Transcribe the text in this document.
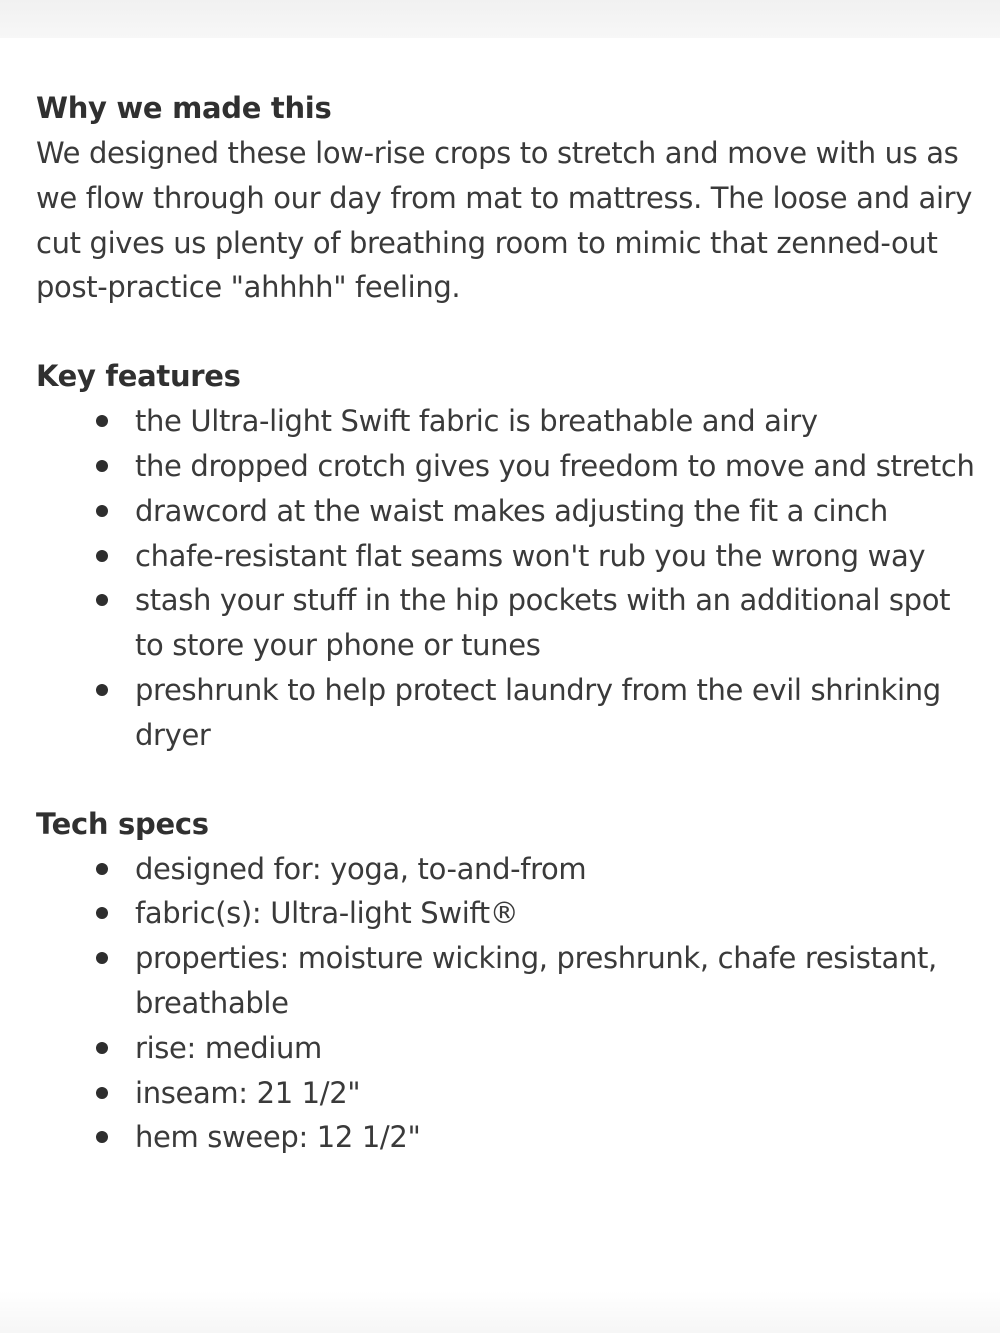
Why we made this

We designed these low-rise crops to stretch and move with us as we flow through our day from mat to mattress. The loose and airy cut gives us plenty of breathing room to mimic that zenned-out post-practice "ahhhh" feeling.

Key features
the Ultra-light Swift fabric is breathable and airy
the dropped crotch gives you freedom to move and stretch
drawcord at the waist makes adjusting the fit a cinch
chafe-resistant flat seams won't rub you the wrong way
stash your stuff in the hip pockets with an additional spot to store your phone or tunes
preshrunk to help protect laundry from the evil shrinking dryer
Tech specs
designed for: yoga, to-and-from
fabric(s): Ultra-light Swift®
properties: moisture wicking, preshrunk, chafe resistant, breathable
rise: medium
inseam: 21 1/2"
hem sweep: 12 1/2"
